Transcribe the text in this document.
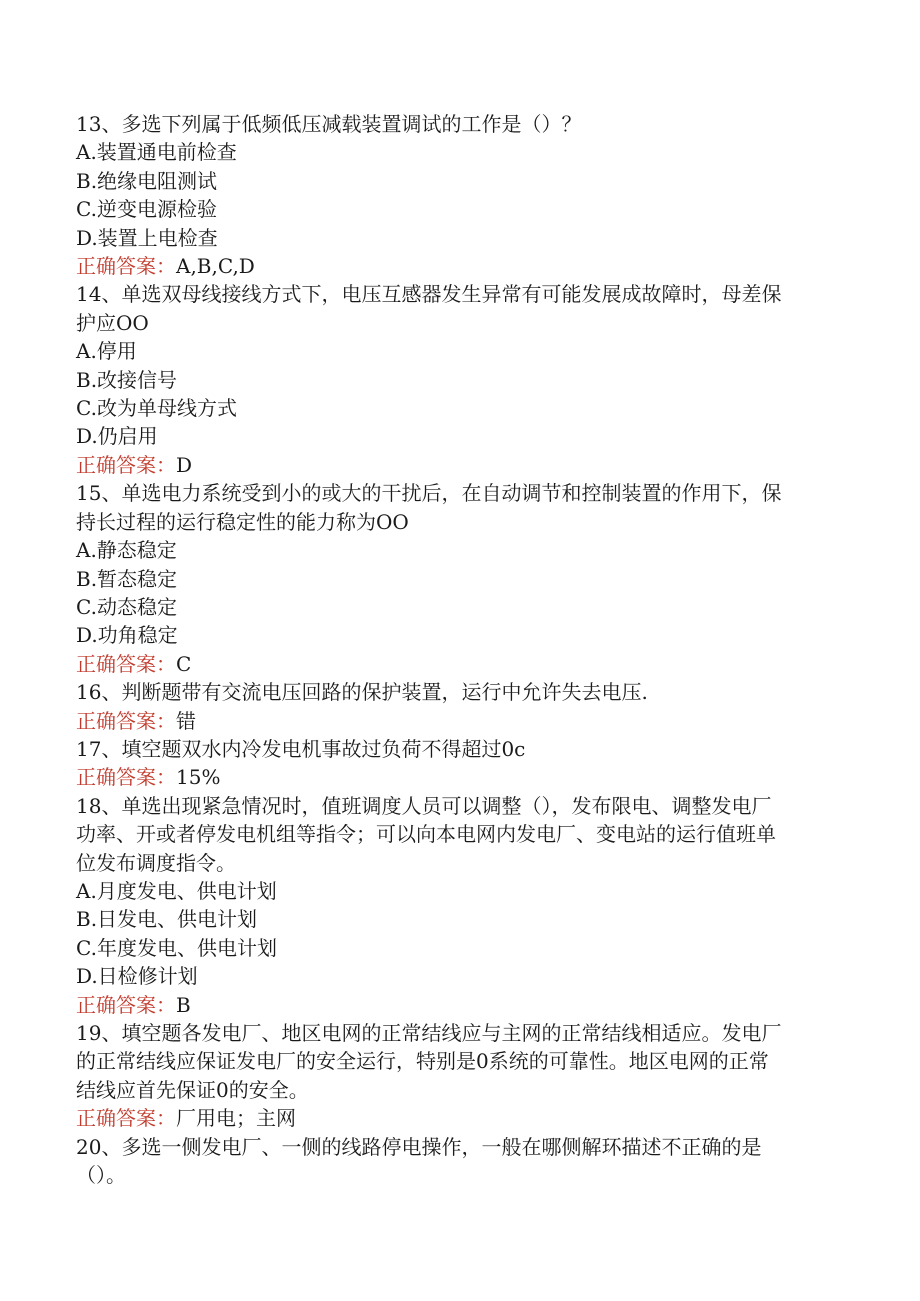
13、多选下列属于低频低压减载装置调试的工作是（）？
A.装置通电前检查
B.绝缘电阻测试
C.逆变电源检验
D.装置上电检查
正确答案：A,B,C,D
14、单选双母线接线方式下，电压互感器发生异常有可能发展成故障时，母差保
护应OO
A.停用
B.改接信号
C.改为单母线方式
D.仍启用
正确答案：D
15、单选电力系统受到小的或大的干扰后，在自动调节和控制装置的作用下，保
持长过程的运行稳定性的能力称为OO
A.静态稳定
B.暂态稳定
C.动态稳定
D.功角稳定
正确答案：C
16、判断题带有交流电压回路的保护装置，运行中允许失去电压.
正确答案：错
17、填空题双水内冷发电机事故过负荷不得超过0c
正确答案：15%
18、单选出现紧急情况时，值班调度人员可以调整（），发布限电、调整发电厂
功率、开或者停发电机组等指令；可以向本电网内发电厂、变电站的运行值班单
位发布调度指令。
A.月度发电、供电计划
B.日发电、供电计划
C.年度发电、供电计划
D.日检修计划
正确答案：B
19、填空题各发电厂、地区电网的正常结线应与主网的正常结线相适应。发电厂
的正常结线应保证发电厂的安全运行，特别是0系统的可靠性。地区电网的正常
结线应首先保证0的安全。
正确答案：厂用电；主网
20、多选一侧发电厂、一侧的线路停电操作，一般在哪侧解环描述不正确的是
（）。
